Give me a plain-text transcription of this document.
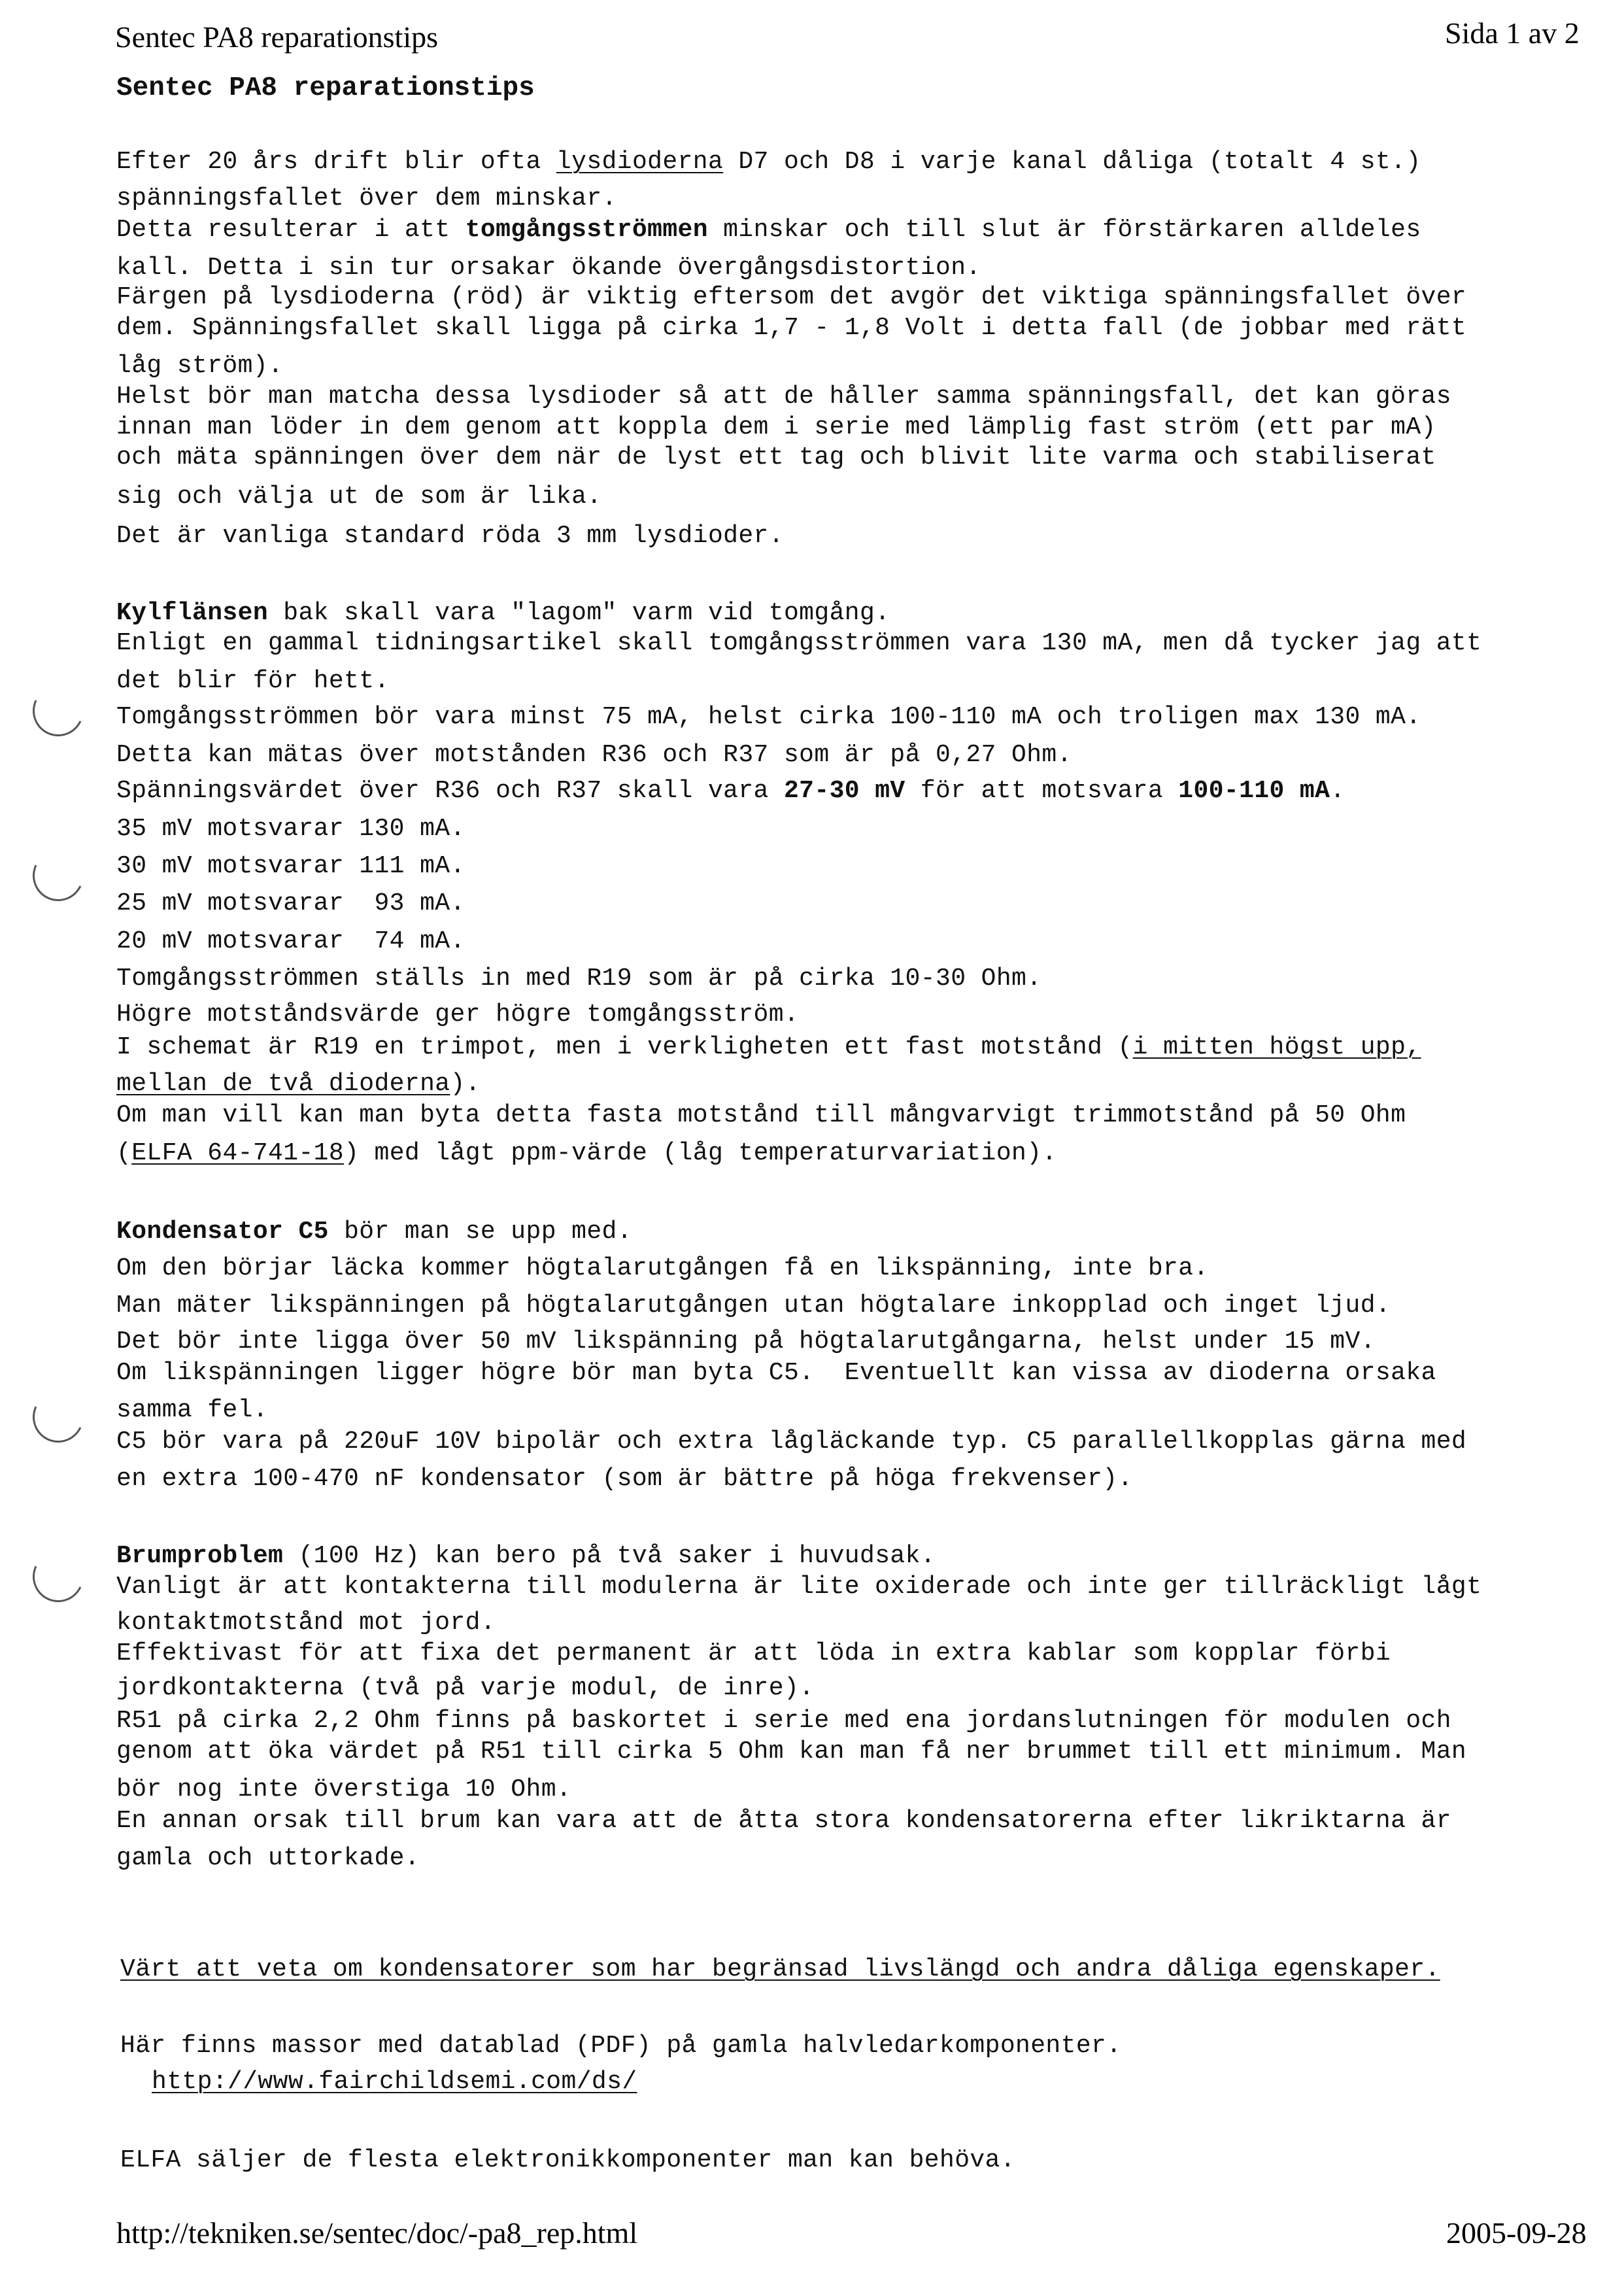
Sentec PA8 reparationstips	Sida 1 av 2
Sentec PA8 reparationstips
Efter 20 års drift blir ofta lysdioderna D7 och D8 i varje kanal dåliga (totalt 4 st.)
spänningsfallet över dem minskar.
Detta resulterar i att tomgångsströmmen minskar och till slut är förstärkaren alldeles
kall. Detta i sin tur orsakar ökande övergångsdistortion.
Färgen på lysdioderna (röd) är viktig eftersom det avgör det viktiga spänningsfallet över
dem. Spänningsfallet skall ligga på cirka 1,7 - 1,8 Volt i detta fall (de jobbar med rätt
låg ström).
Helst bör man matcha dessa lysdioder så att de håller samma spänningsfall, det kan göras
innan man löder in dem genom att koppla dem i serie med lämplig fast ström (ett par mA)
och mäta spänningen över dem när de lyst ett tag och blivit lite varma och stabiliserat
sig och välja ut de som är lika.
Det är vanliga standard röda 3 mm lysdioder.
Kylflänsen bak skall vara "lagom" varm vid tomgång.
Enligt en gammal tidningsartikel skall tomgångsströmmen vara 130 mA, men då tycker jag att
det blir för hett.
Tomgångsströmmen bör vara minst 75 mA, helst cirka 100-110 mA och troligen max 130 mA.
Detta kan mätas över motstånden R36 och R37 som är på 0,27 Ohm.
Spänningsvärdet över R36 och R37 skall vara 27-30 mV för att motsvara 100-110 mA.
35 mV motsvarar 130 mA.
30 mV motsvarar 111 mA.
25 mV motsvarar  93 mA.
20 mV motsvarar  74 mA.
Tomgångsströmmen ställs in med R19 som är på cirka 10-30 Ohm.
Högre motståndsvärde ger högre tomgångsström.
I schemat är R19 en trimpot, men i verkligheten ett fast motstånd (i mitten högst upp,
mellan de två dioderna).
Om man vill kan man byta detta fasta motstånd till mångvarvigt trimmotstånd på 50 Ohm
(ELFA 64-741-18) med lågt ppm-värde (låg temperaturvariation).
Kondensator C5 bör man se upp med.
Om den börjar läcka kommer högtalarutgången få en likspänning, inte bra.
Man mäter likspänningen på högtalarutgången utan högtalare inkopplad och inget ljud.
Det bör inte ligga över 50 mV likspänning på högtalarutgångarna, helst under 15 mV.
Om likspänningen ligger högre bör man byta C5.  Eventuellt kan vissa av dioderna orsaka
samma fel.
C5 bör vara på 220uF 10V bipolär och extra lågläckande typ. C5 parallellkopplas gärna med
en extra 100-470 nF kondensator (som är bättre på höga frekvenser).
Brumproblem (100 Hz) kan bero på två saker i huvudsak.
Vanligt är att kontakterna till modulerna är lite oxiderade och inte ger tillräckligt lågt
kontaktmotstånd mot jord.
Effektivast för att fixa det permanent är att löda in extra kablar som kopplar förbi
jordkontakterna (två på varje modul, de inre).
R51 på cirka 2,2 Ohm finns på baskortet i serie med ena jordanslutningen för modulen och
genom att öka värdet på R51 till cirka 5 Ohm kan man få ner brummet till ett minimum. Man
bör nog inte överstiga 10 Ohm.
En annan orsak till brum kan vara att de åtta stora kondensatorerna efter likriktarna är
gamla och uttorkade.
Värt att veta om kondensatorer som har begränsad livslängd och andra dåliga egenskaper.
Här finns massor med datablad (PDF) på gamla halvledarkomponenter.
http://www.fairchildsemi.com/ds/
ELFA säljer de flesta elektronikkomponenter man kan behöva.
http://tekniken.se/sentec/doc/-pa8_rep.html	2005-09-28
